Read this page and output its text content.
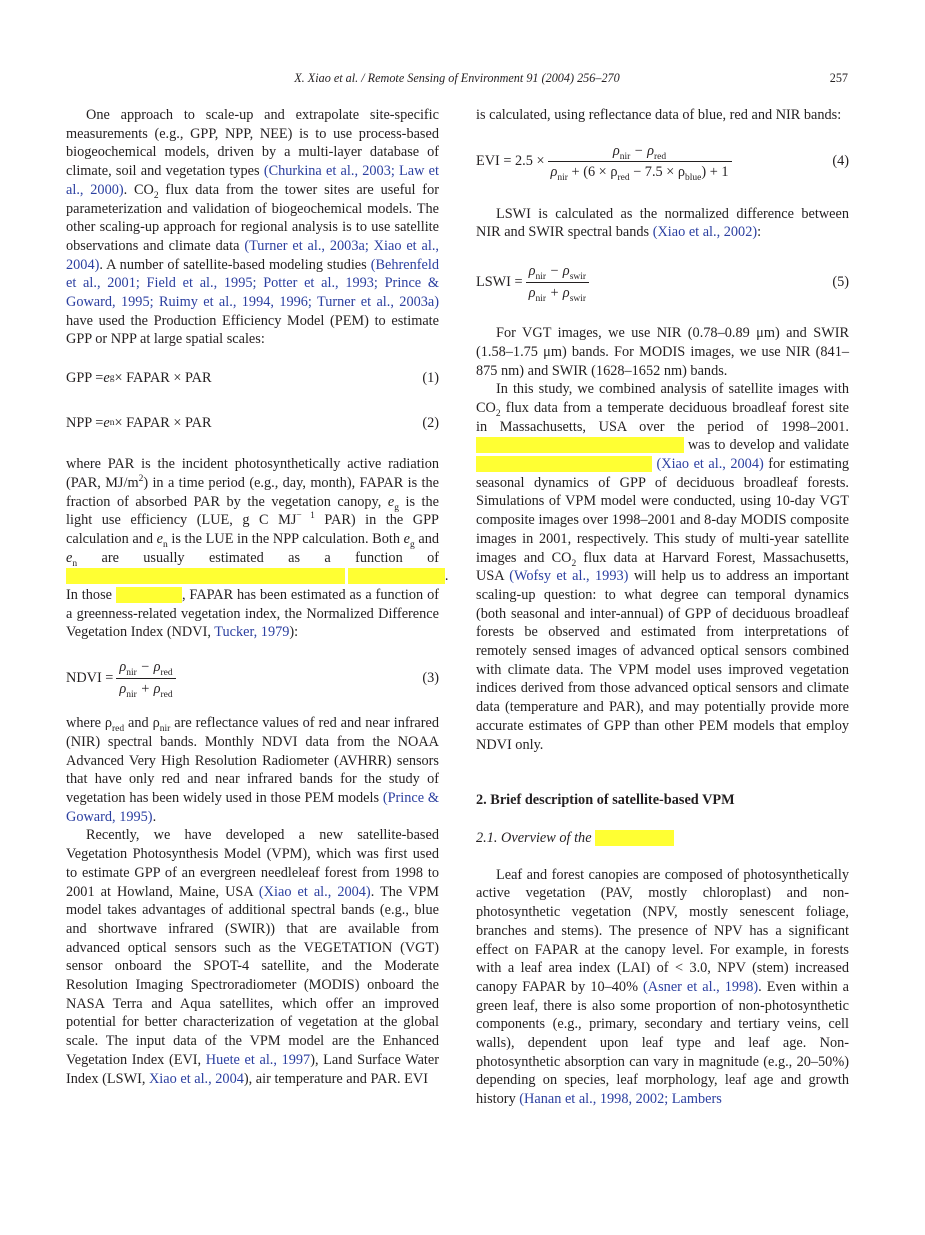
X. Xiao et al. / Remote Sensing of Environment 91 (2004) 256–270	257

One approach to scale-up and extrapolate site-specific measurements (e.g., GPP, NPP, NEE) is to use process-based biogeochemical models, driven by a multi-layer database of climate, soil and vegetation types (Churkina et al., 2003; Law et al., 2000). $CO_2$ flux data from the tower sites are useful for parameterization and validation of biogeochemical models. The other scaling-up approach for regional analysis is to use satellite observations and climate data (Turner et al., 2003a; Xiao et al., 2004). A number of satellite-based modeling studies (Behrenfeld et al., 2001; Field et al., 1995; Potter et al., 1993; Prince & Goward, 1995; Ruimy et al., 1994, 1996; Turner et al., 2003a) have used the Production Efficiency Model (PEM) to estimate GPP or NPP at large spatial scales:

GPP = e g × FAPAR × PAR	(1)
NPP = e n × FAPAR × PAR	(2)

where PAR is the incident photosynthetically active radiation (PAR, $MJ/m^2$) in a time period (e.g., day, month), FAPAR is the fraction of absorbed PAR by the vegetation canopy, $e_g$ is the light use efficiency (LUE, g C $MJ^{- 1}$ PAR) in the GPP calculation and $e_n$ is the LUE in the NPP calculation. Both $e_g$ and $e_n$ are usually estimated as a function of                                                                                                           . In those	, FAPAR has been estimated as a function of a greenness-related vegetation index, the Normalized Difference Vegetation Index (NDVI, Tucker, 1979):

NDVI = $\frac{\rho_{nir} - \rho_{red}}{\rho_{nir} + \rho_{red}}$	(3)

where $\rho_{red}$ and $\rho_{nir}$ are reflectance values of red and near infrared (NIR) spectral bands. Monthly NDVI data from the NOAA Advanced Very High Resolution Radiometer (AVHRR) sensors that have only red and near infrared bands for the study of vegetation has been widely used in those PEM models (Prince & Goward, 1995).

Recently, we have developed a new satellite-based Vegetation Photosynthesis Model (VPM), which was first used to estimate GPP of an evergreen needleleaf forest from 1998 to 2001 at Howland, Maine, USA (Xiao et al., 2004). The VPM model takes advantages of additional spectral bands (e.g., blue and shortwave infrared (SWIR)) that are available from advanced optical sensors such as the VEGETATION (VGT) sensor onboard the SPOT-4 satellite, and the Moderate Resolution Imaging Spectroradiometer (MODIS) onboard the NASA Terra and Aqua satellites, which offer an improved potential for better characterization of vegetation at the global scale. The input data of the VPM model are the Enhanced Vegetation Index (EVI, Huete et al., 1997), Land Surface Water Index (LSWI, Xiao et al., 2004), air temperature and PAR. EVI

is calculated, using reflectance data of blue, red and NIR bands:

EVI = $2.5 \times \frac{\rho_{nir} - \rho_{red}}{\rho_{nir} + (6 \times \rho_{red} - 7.5 \times \rho_{blue}) + 1}$	(4)

LSWI is calculated as the normalized difference between NIR and SWIR spectral bands (Xiao et al., 2002):

LSWI = $\frac{\rho_{nir} - \rho_{swir}}{\rho_{nir} + \rho_{swir}}$	(5)

For VGT images, we use NIR (0.78–0.89 μm) and SWIR (1.58–1.75 μm) bands. For MODIS images, we use NIR (841–875 nm) and SWIR (1628–1652 nm) bands.

In this study, we combined analysis of satellite images with $CO_2$ flux data from a temperate deciduous broadleaf forest site in Massachusetts, USA over the period of 1998–2001.                                                    was to develop and validate                                         (Xiao et al., 2004) for estimating seasonal dynamics of GPP of deciduous broadleaf forests. Simulations of VPM model were conducted, using 10-day VGT composite images over 1998–2001 and 8-day MODIS composite images in 2001, respectively. This study of multi-year satellite images and $CO_2$ flux data at Harvard Forest, Massachusetts, USA (Wofsy et al., 1993) will help us to address an important scaling-up question: to what degree can temporal dynamics (both seasonal and inter-annual) of GPP of deciduous broadleaf forests be observed and estimated from interpretations of remotely sensed images of advanced optical sensors combined with climate data. The VPM model uses improved vegetation indices derived from those advanced optical sensors and climate data (temperature and PAR), and may potentially provide more accurate estimates of GPP than other PEM models that employ NDVI only.

2. Brief description of satellite-based VPM
2.1. Overview of the

Leaf and forest canopies are composed of photosynthetically active vegetation (PAV, mostly chloroplast) and non-photosynthetic vegetation (NPV, mostly senescent foliage, branches and stems). The presence of NPV has a significant effect on FAPAR at the canopy level. For example, in forests with a leaf area index (LAI) of < 3.0, NPV (stem) increased canopy FAPAR by 10–40% (Asner et al., 1998). Even within a green leaf, there is also some proportion of non-photosynthetic components (e.g., primary, secondary and tertiary veins, cell walls), dependent upon leaf type and leaf age. Non-photosynthetic absorption can vary in magnitude (e.g., 20–50%) depending on species, leaf morphology, leaf age and growth history (Hanan et al., 1998, 2002; Lambers
